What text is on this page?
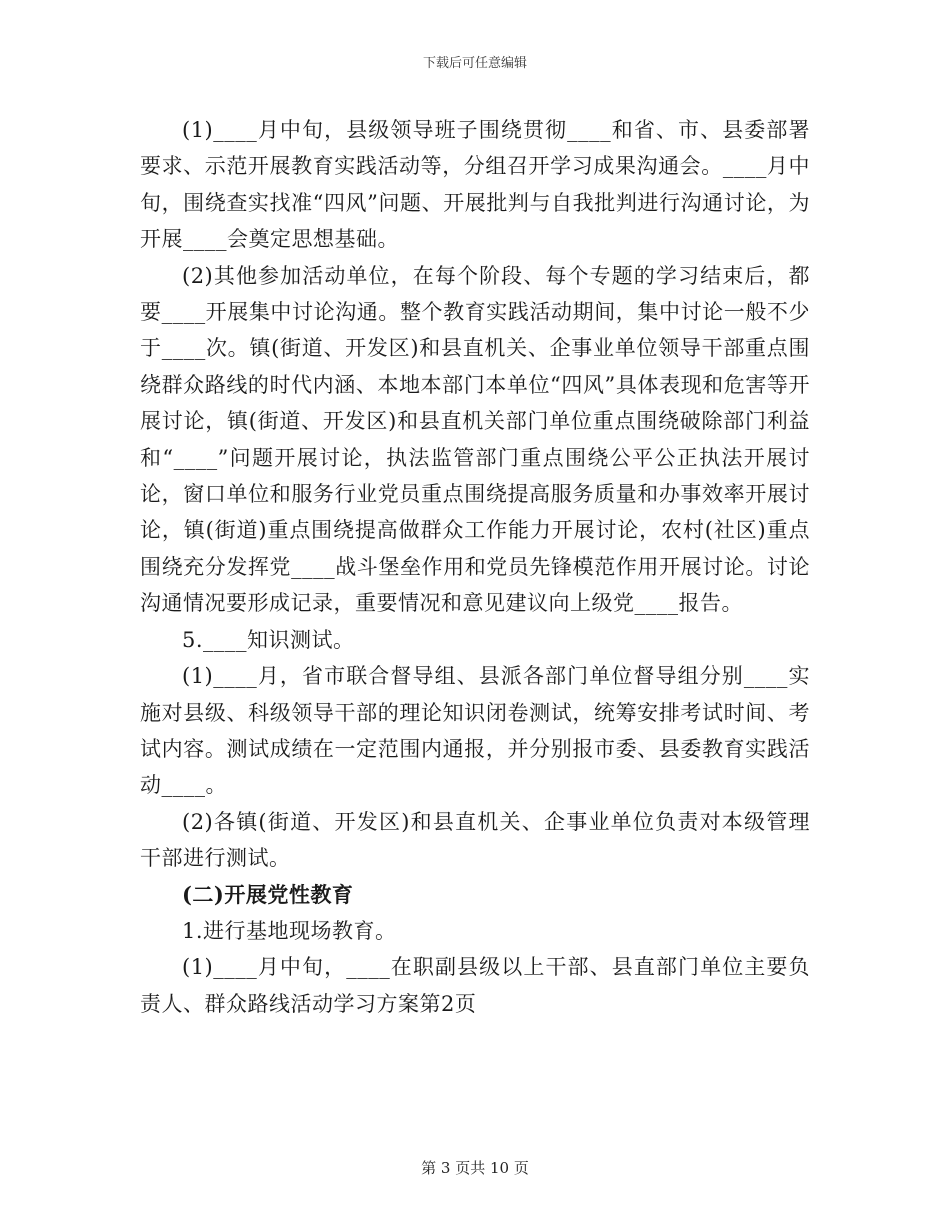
下载后可任意编辑

(1)____月中旬，县级领导班子围绕贯彻____和省、市、县委部署要求、示范开展教育实践活动等，分组召开学习成果沟通会。____月中旬，围绕查实找准“四风”问题、开展批判与自我批判进行沟通讨论，为开展____会奠定思想基础。

(2)其他参加活动单位，在每个阶段、每个专题的学习结束后，都要____开展集中讨论沟通。整个教育实践活动期间，集中讨论一般不少于____次。镇(街道、开发区)和县直机关、企事业单位领导干部重点围绕群众路线的时代内涵、本地本部门本单位“四风”具体表现和危害等开展讨论，镇(街道、开发区)和县直机关部门单位重点围绕破除部门利益和“____”问题开展讨论，执法监管部门重点围绕公平公正执法开展讨论，窗口单位和服务行业党员重点围绕提高服务质量和办事效率开展讨论，镇(街道)重点围绕提高做群众工作能力开展讨论，农村(社区)重点围绕充分发挥党____战斗堡垒作用和党员先锋模范作用开展讨论。讨论沟通情况要形成记录，重要情况和意见建议向上级党____报告。

5.____知识测试。

(1)____月，省市联合督导组、县派各部门单位督导组分别____实施对县级、科级领导干部的理论知识闭卷测试，统筹安排考试时间、考试内容。测试成绩在一定范围内通报，并分别报市委、县委教育实践活动____。

(2)各镇(街道、开发区)和县直机关、企事业单位负责对本级管理干部进行测试。

(二)开展党性教育

1.进行基地现场教育。

(1)____月中旬，____在职副县级以上干部、县直部门单位主要负责人、群众路线活动学习方案第2页

第 3 页共 10 页
